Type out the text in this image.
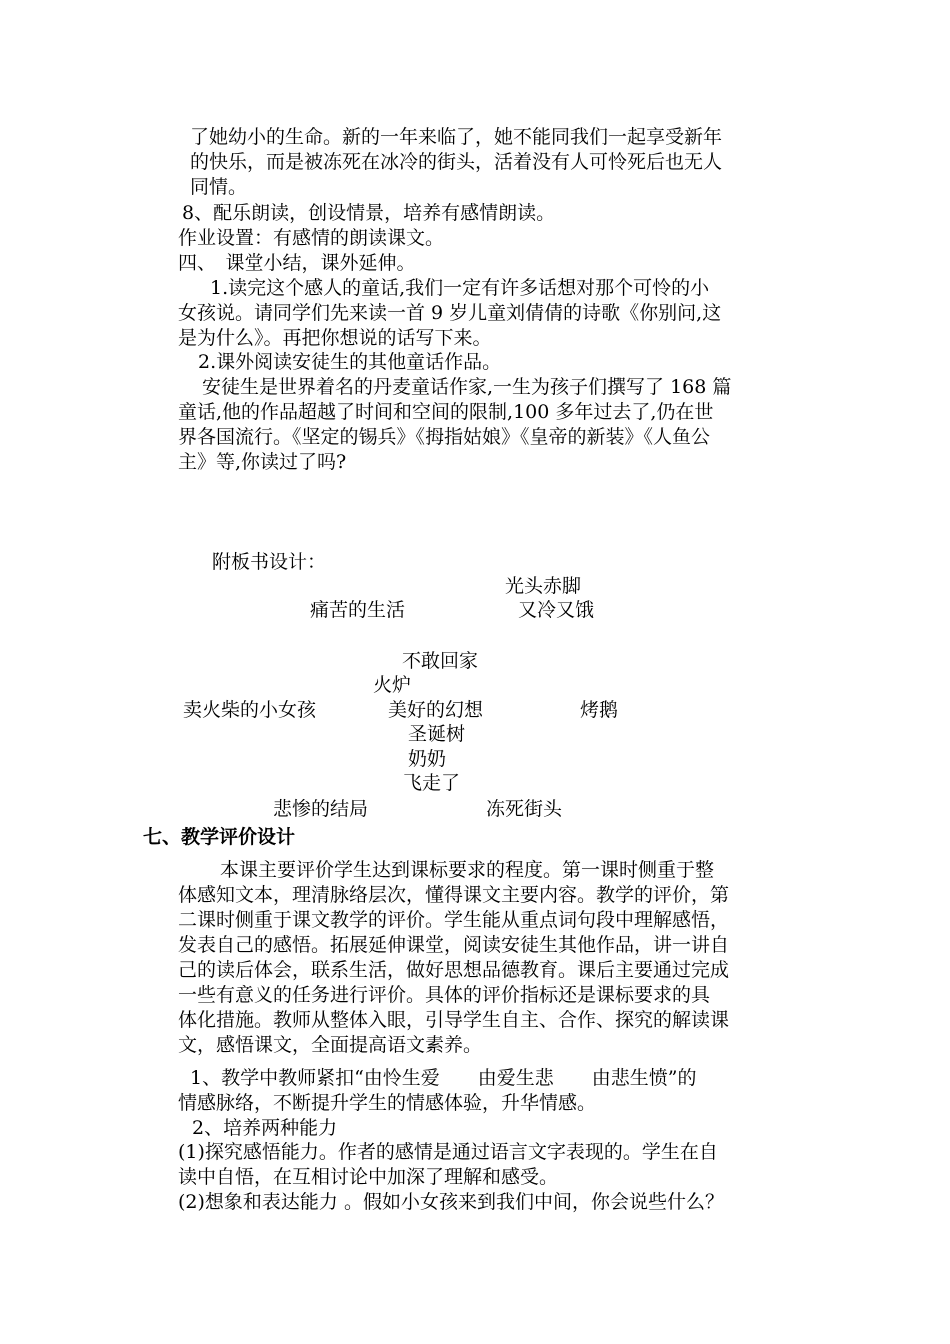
了她幼小的生命。新的一年来临了，她不能同我们一起享受新年
的快乐，而是被冻死在冰冷的街头，活着没有人可怜死后也无人
同情。
8、配乐朗读，创设情景，培养有感情朗读。
作业设置：有感情的朗读课文。
四、　课堂小结，课外延伸。
1.读完这个感人的童话,我们一定有许多话想对那个可怜的小
女孩说。请同学们先来读一首 9 岁儿童刘倩倩的诗歌《你别问,这
是为什么》。再把你想说的话写下来。
2.课外阅读安徒生的其他童话作品。
安徒生是世界着名的丹麦童话作家,一生为孩子们撰写了 168 篇
童话,他的作品超越了时间和空间的限制,100 多年过去了,仍在世
界各国流行。《坚定的锡兵》《拇指姑娘》《皇帝的新装》《人鱼公
主》等,你读过了吗?
附板书设计：
光头赤脚
痛苦的生活	又冷又饿
不敢回家
火炉
卖火柴的小女孩	美好的幻想	烤鹅
圣诞树
奶奶
飞走了
悲惨的结局	冻死街头
七、教学评价设计
本课主要评价学生达到课标要求的程度。第一课时侧重于整
体感知文本，理清脉络层次，懂得课文主要内容。教学的评价，第
二课时侧重于课文教学的评价。学生能从重点词句段中理解感悟，
发表自己的感悟。拓展延伸课堂，阅读安徒生其他作品，讲一讲自
己的读后体会，联系生活，做好思想品德教育。课后主要通过完成
一些有意义的任务进行评价。具体的评价指标还是课标要求的具
体化措施。教师从整体入眼，引导学生自主、合作、探究的解读课
文，感悟课文，全面提高语文素养。
1、教学中教师紧扣“由怜生爱　　由爱生悲　　由悲生愤”的
情感脉络，不断提升学生的情感体验，升华情感。
2、培养两种能力
(1)探究感悟能力。作者的感情是通过语言文字表现的。学生在自
读中自悟，在互相讨论中加深了理解和感受。
(2)想象和表达能力 。假如小女孩来到我们中间，你会说些什么？
